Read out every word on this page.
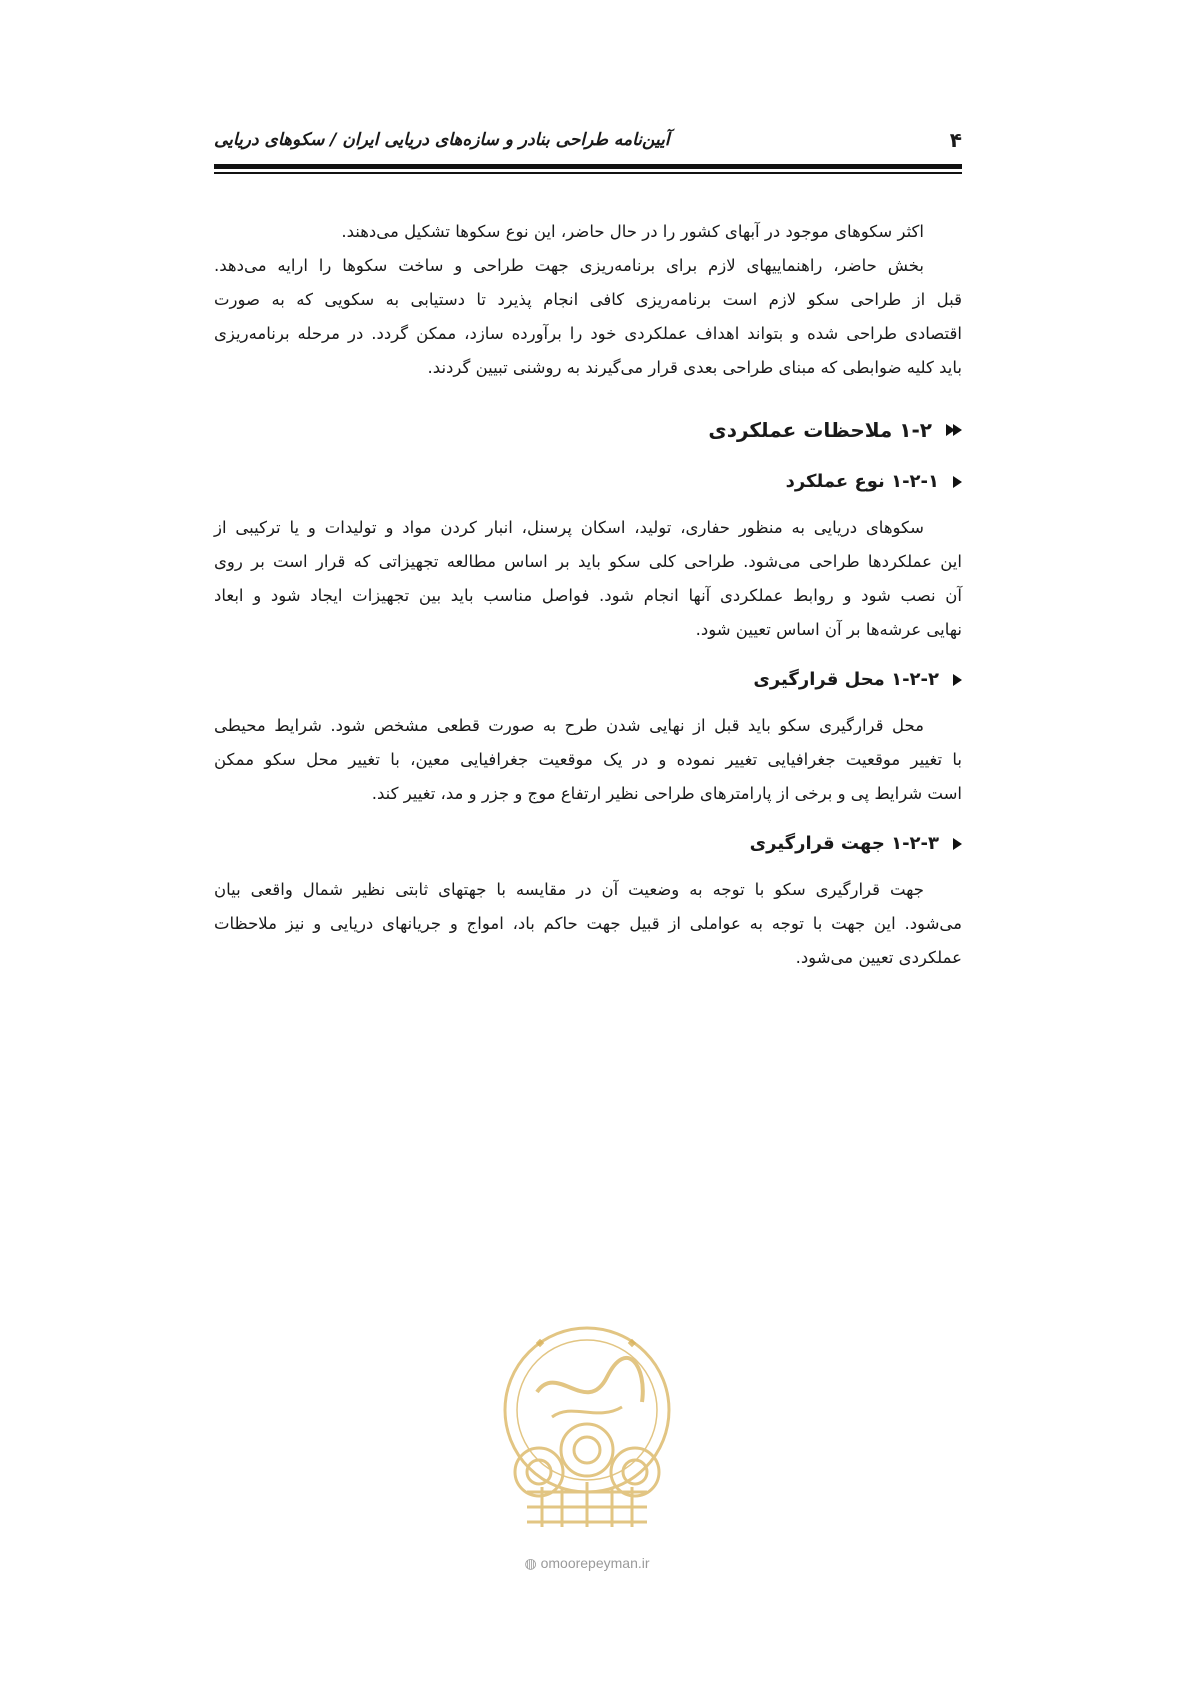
۴
آیین‌نامه طراحی بنادر و سازه‌های دریایی ایران / سکوهای دریایی

اکثر سکوهای موجود در آبهای کشور را در حال حاضر، این نوع سکوها تشکیل می‌دهند.
بخش حاضر، راهنماییهای لازم برای برنامه‌ریزی جهت طراحی و ساخت سکوها را ارایه می‌دهد.
قبل از طراحی سکو لازم است برنامه‌ریزی کافی انجام پذیرد تا دستیابی به سکویی که به صورت
اقتصادی طراحی شده و بتواند اهداف عملکردی خود را برآورده سازد، ممکن گردد. در مرحله برنامه‌ریزی
باید کلیه ضوابطی که مبنای طراحی بعدی قرار می‌گیرند به روشنی تبیین گردند.

۱-۲ ملاحظات عملکردی
۱-۲-۱ نوع عملکرد

سکوهای دریایی به منظور حفاری، تولید، اسکان پرسنل، انبار کردن مواد و تولیدات و یا ترکیبی از
این عملکردها طراحی می‌شود. طراحی کلی سکو باید بر اساس مطالعه تجهیزاتی که قرار است بر روی
آن نصب شود و روابط عملکردی آنها انجام شود. فواصل مناسب باید بین تجهیزات ایجاد شود و ابعاد
نهایی عرشه‌ها بر آن اساس تعیین شود.

۱-۲-۲ محل قرارگیری

محل قرارگیری سکو باید قبل از نهایی شدن طرح به صورت قطعی مشخص شود. شرایط محیطی
با تغییر موقعیت جغرافیایی تغییر نموده و در یک موقعیت جغرافیایی معین، با تغییر محل سکو ممکن
است شرایط پی و برخی از پارامترهای طراحی نظیر ارتفاع موج و جزر و مد، تغییر کند.

۱-۲-۳ جهت قرارگیری

جهت قرارگیری سکو با توجه به وضعیت آن در مقایسه با جهتهای ثابتی نظیر شمال واقعی بیان
می‌شود. این جهت با توجه به عواملی از قبیل جهت حاکم باد، امواج و جریانهای دریایی و نیز ملاحظات
عملکردی تعیین می‌شود.

◍ omoorepeyman.ir
